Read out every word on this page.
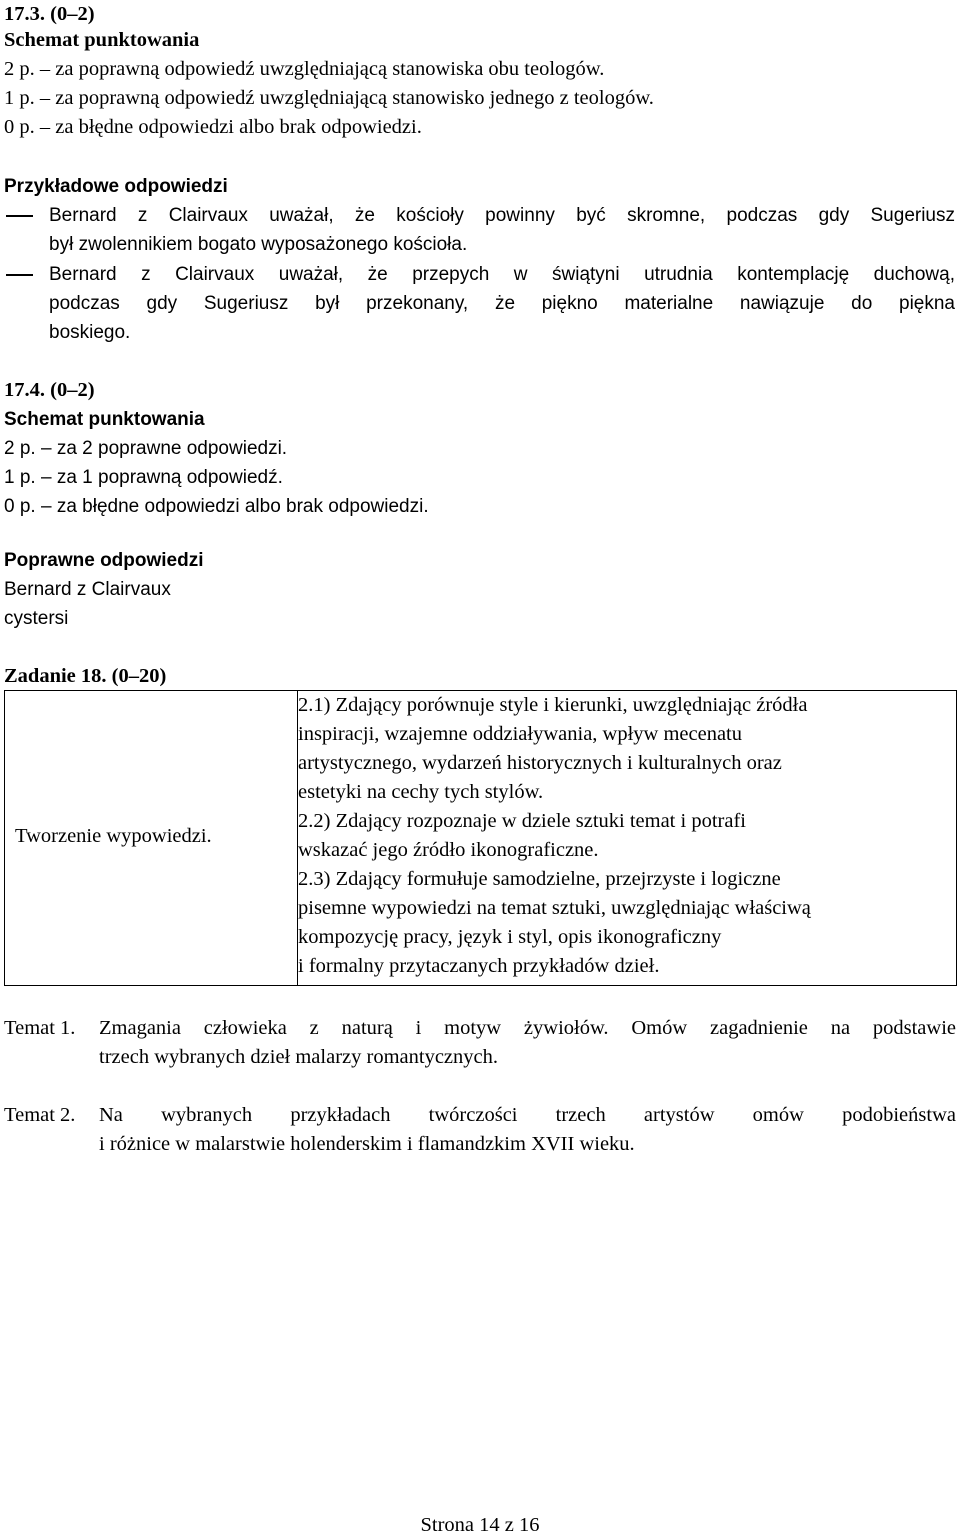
17.3. (0‒2)
Schemat punktowania
2 p. – za poprawną odpowiedź uwzględniającą stanowiska obu teologów.
1 p. – za poprawną odpowiedź uwzględniającą stanowisko jednego z teologów.
0 p. – za błędne odpowiedzi albo brak odpowiedzi.
Przykładowe odpowiedzi
Bernard z Clairvaux uważał, że kościoły powinny być skromne, podczas gdy Sugeriusz
był zwolennikiem bogato wyposażonego kościoła.
Bernard z Clairvaux uważał, że przepych w świątyni utrudnia kontemplację duchową,
podczas gdy Sugeriusz był przekonany, że piękno materialne nawiązuje do piękna
boskiego.
17.4. (0‒2)
Schemat punktowania
2 p. – za 2 poprawne odpowiedzi.
1 p. – za 1 poprawną odpowiedź.
0 p. – za błędne odpowiedzi albo brak odpowiedzi.
Poprawne odpowiedzi
Bernard z Clairvaux
cystersi
Zadanie 18. (0‒20)
Tworzenie wypowiedzi.

2.1) Zdający porównuje style i kierunki, uwzględniając źródła
inspiracji, wzajemne oddziaływania, wpływ mecenatu
artystycznego, wydarzeń historycznych i kulturalnych oraz
estetyki na cechy tych stylów.
2.2) Zdający rozpoznaje w dziele sztuki temat i potrafi
wskazać jego źródło ikonograficzne.
2.3) Zdający formułuje samodzielne, przejrzyste i logiczne
pisemne wypowiedzi na temat sztuki, uwzględniając właściwą
kompozycję pracy, język i styl, opis ikonograficzny
i formalny przytaczanych przykładów dzieł.
Temat 1. Zmagania człowieka z naturą i motyw żywiołów. Omów zagadnienie na podstawie
trzech wybranych dzieł malarzy romantycznych.
Temat 2. Na wybranych przykładach twórczości trzech artystów omów podobieństwa
i różnice w malarstwie holenderskim i flamandzkim XVII wieku.
Strona 14 z 16
